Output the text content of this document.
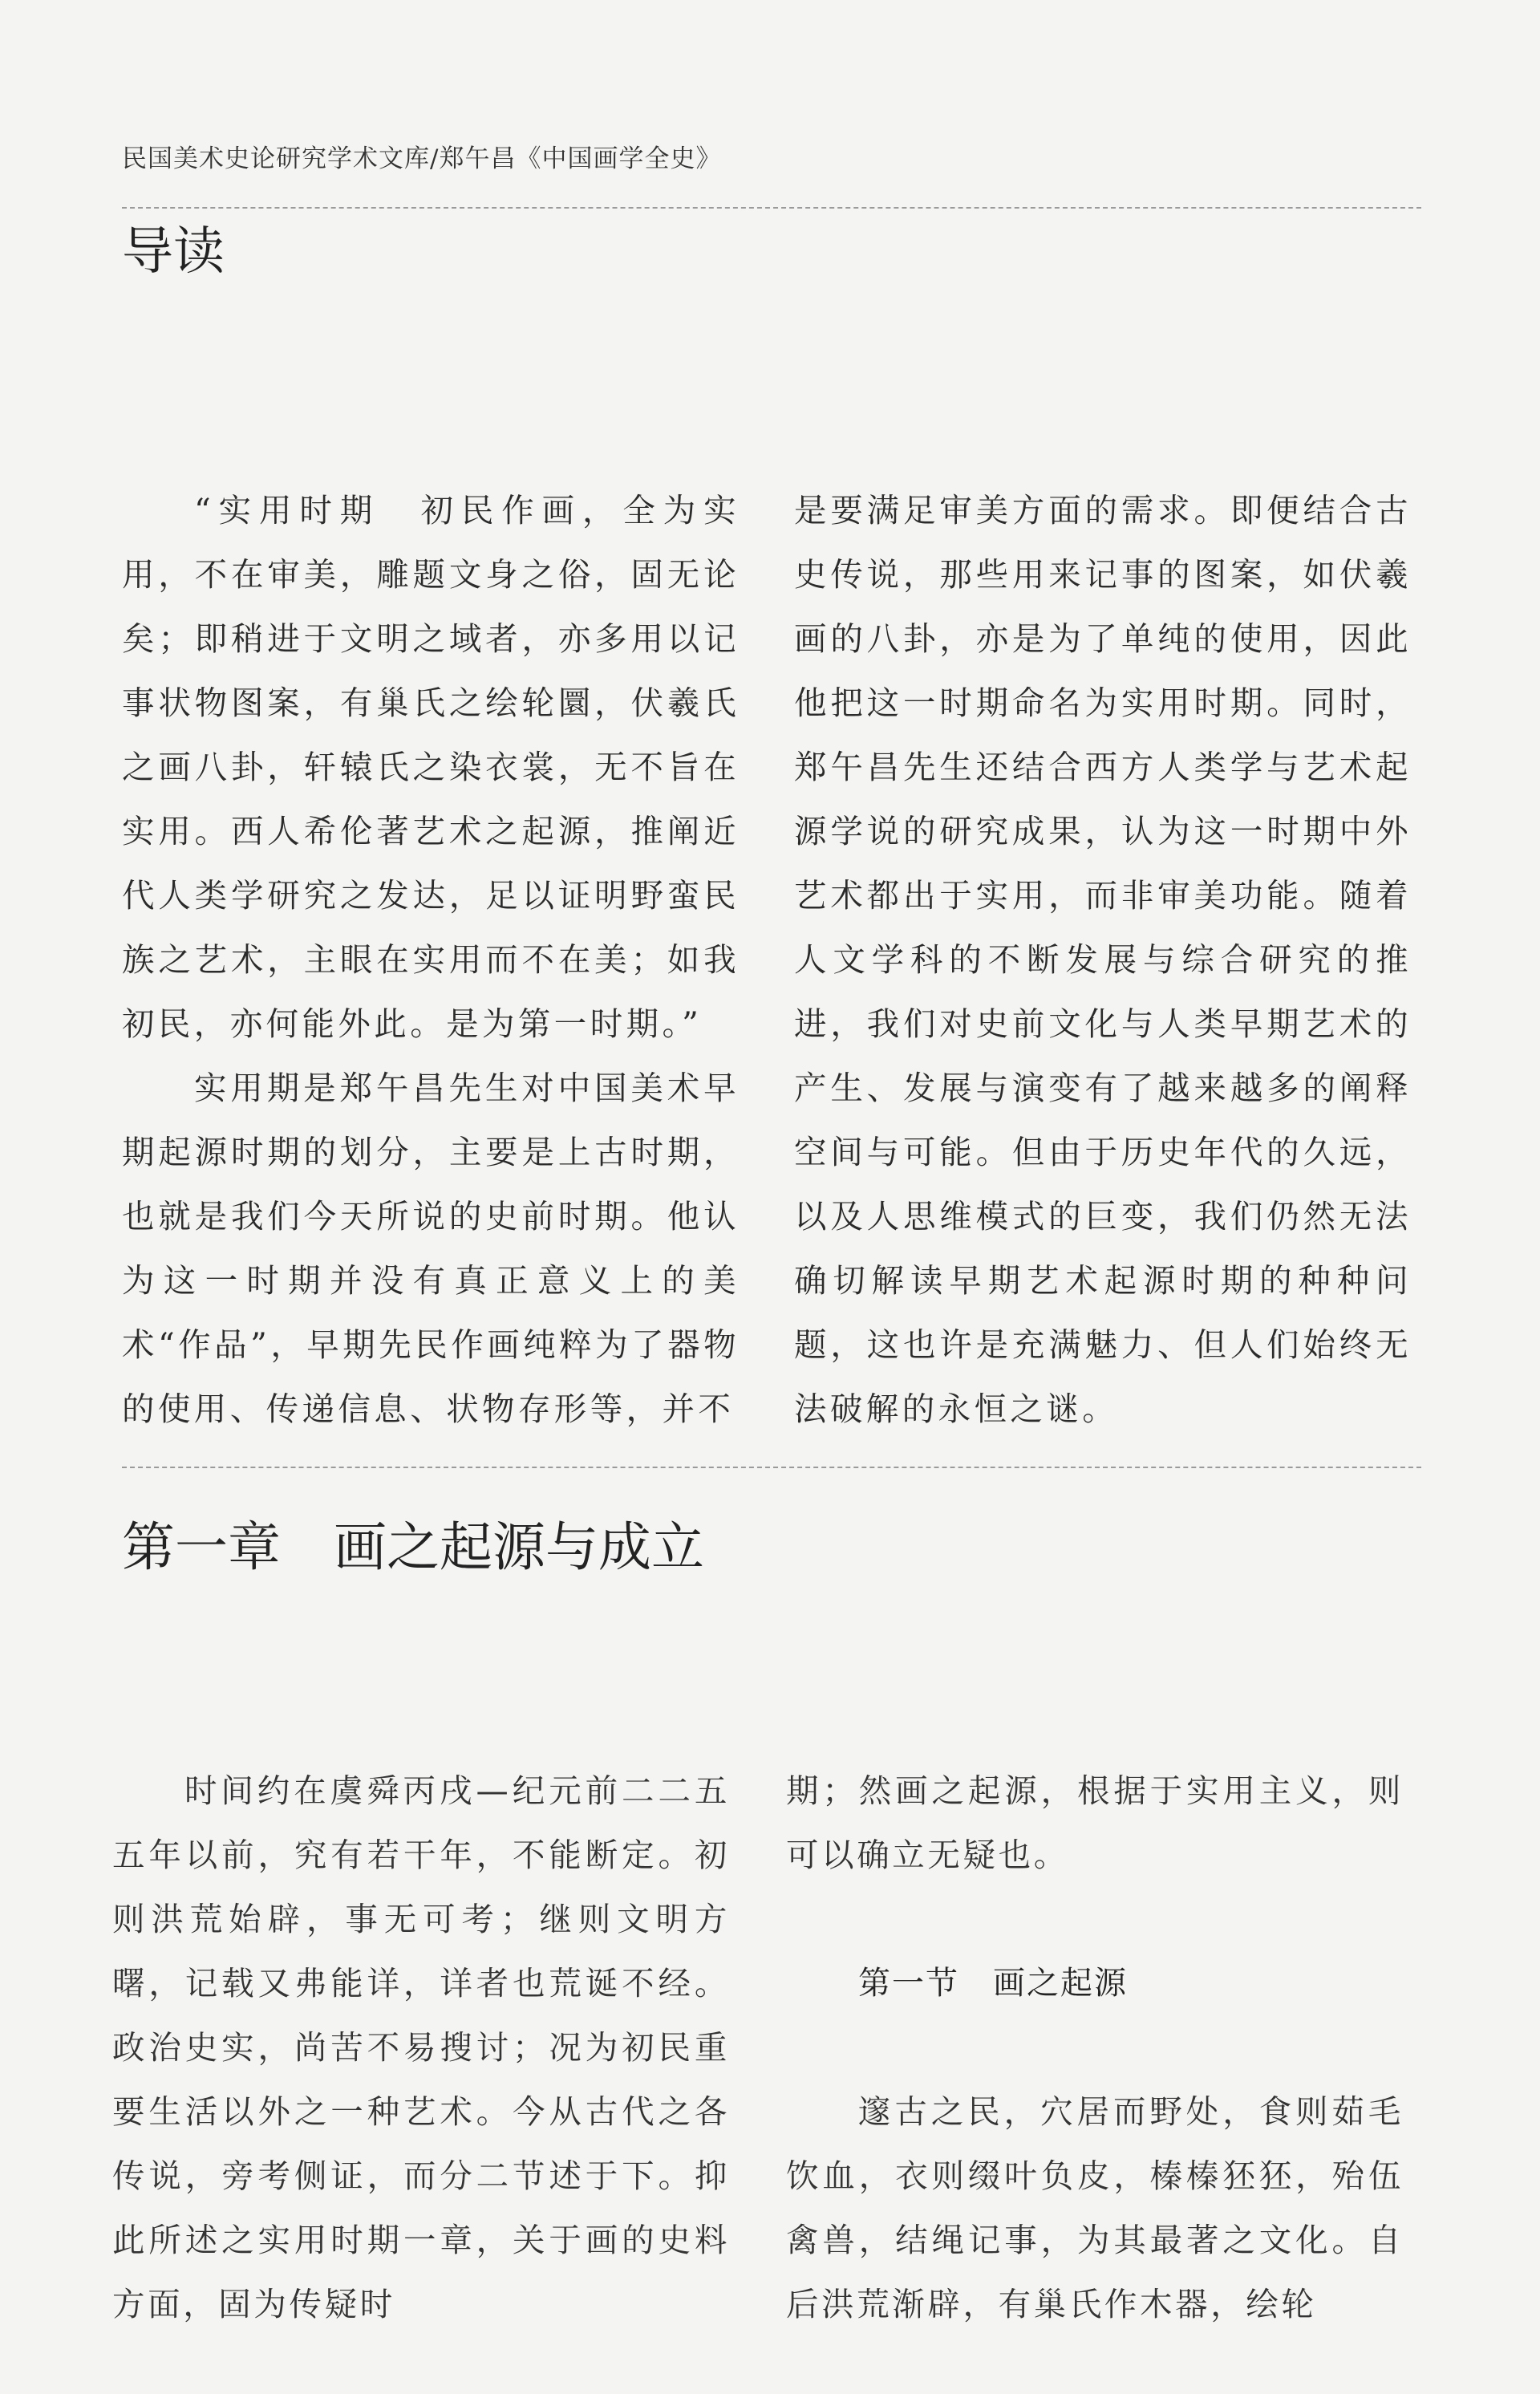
民国美术史论研究学术文库/郑午昌《中国画学全史》
导读

“实用时期　初民作画，全为实用，不在审美，雕题文身之俗，固无论矣；即稍进于文明之域者，亦多用以记事状物图案，有巢氏之绘轮圜，伏羲氏之画八卦，轩辕氏之染衣裳，无不旨在实用。西人希伦著艺术之起源，推阐近代人类学研究之发达，足以证明野蛮民族之艺术，主眼在实用而不在美；如我初民，亦何能外此。是为第一时期。”

实用期是郑午昌先生对中国美术早期起源时期的划分，主要是上古时期，也就是我们今天所说的史前时期。他认为这一时期并没有真正意义上的美术“作品”，早期先民作画纯粹为了器物的使用、传递信息、状物存形等，并不

是要满足审美方面的需求。即便结合古史传说，那些用来记事的图案，如伏羲画的八卦，亦是为了单纯的使用，因此他把这一时期命名为实用时期。同时，郑午昌先生还结合西方人类学与艺术起源学说的研究成果，认为这一时期中外艺术都出于实用，而非审美功能。随着人文学科的不断发展与综合研究的推进，我们对史前文化与人类早期艺术的产生、发展与演变有了越来越多的阐释空间与可能。但由于历史年代的久远，以及人思维模式的巨变，我们仍然无法确切解读早期艺术起源时期的种种问题，这也许是充满魅力、但人们始终无法破解的永恒之谜。

第一章　画之起源与成立

时间约在虞舜丙戌—纪元前二二五五年以前，究有若干年，不能断定。初则洪荒始辟，事无可考；继则文明方曙，记载又弗能详，详者也荒诞不经。政治史实，尚苦不易搜讨；况为初民重要生活以外之一种艺术。今从古代之各传说，旁考侧证，而分二节述于下。抑此所述之实用时期一章，关于画的史料方面，固为传疑时

期；然画之起源，根据于实用主义，则可以确立无疑也。

第一节　画之起源

邃古之民，穴居而野处，食则茹毛饮血，衣则缀叶负皮，榛榛狉狉，殆伍禽兽，结绳记事，为其最著之文化。自后洪荒渐辟，有巢氏作木器，绘轮
